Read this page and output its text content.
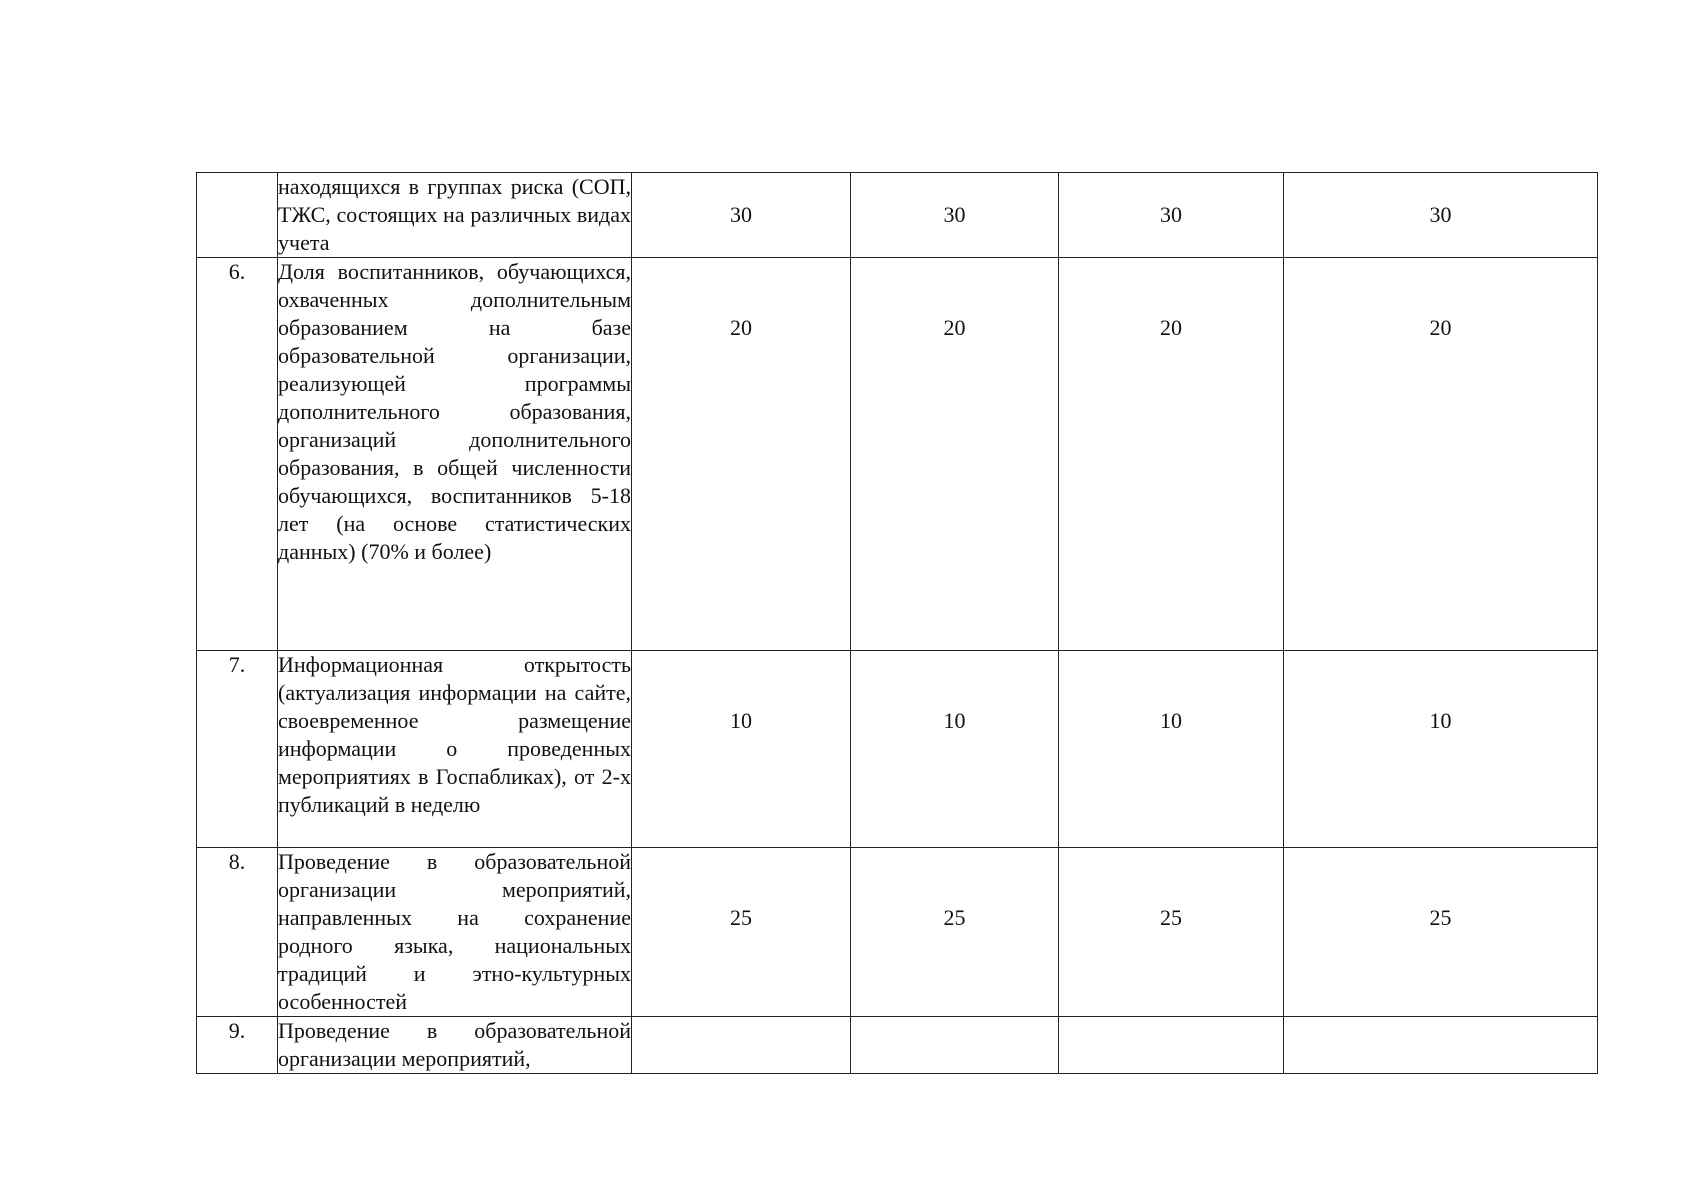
	находящихся в группах риска (СОП, ТЖС, состоящих на различных видах учета	30	30	30	30

6.	Доля воспитанников, обучающихся, охваченных дополнительным образованием на базе образовательной организации, реализующей программы дополнительного образования, организаций дополнительного образования, в общей численности обучающихся, воспитанников 5-18 лет (на основе статистических данных) (70% и более)	20	20	20	20

7.	Информационная открытость (актуализация информации на сайте, своевременное размещение информации о проведенных мероприятиях в Госпабликах), от 2-х публикаций в неделю	10	10	10	10

8.	Проведение в образовательной организации мероприятий, направленных на сохранение родного языка, национальных традиций и этно-культурных особенностей	25	25	25	25

9.	Проведение в образовательной организации мероприятий,	
